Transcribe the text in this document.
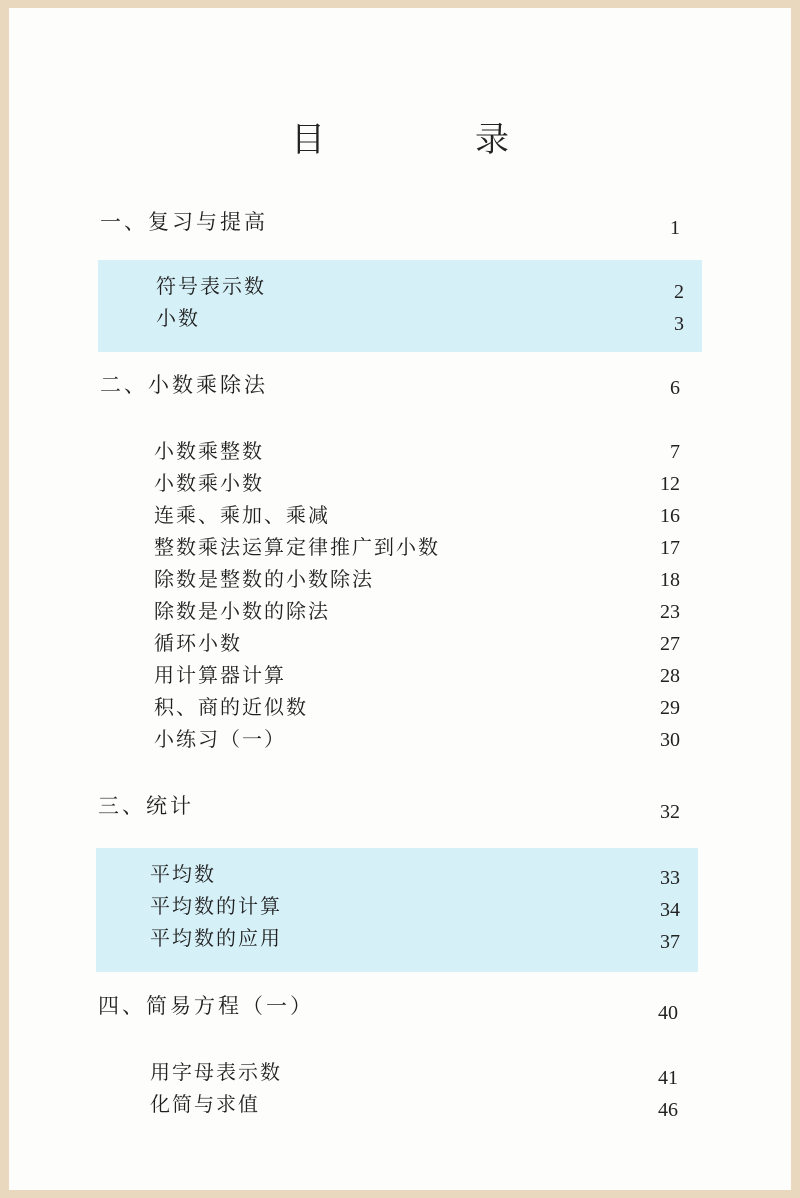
目　录
一、复习与提高	1
符号表示数	2
小数	3
二、小数乘除法	6
小数乘整数	7
小数乘小数	12
连乘、乘加、乘减	16
整数乘法运算定律推广到小数	17
除数是整数的小数除法	18
除数是小数的除法	23
循环小数	27
用计算器计算	28
积、商的近似数	29
小练习（一）	30
三、统计	32
平均数	33
平均数的计算	34
平均数的应用	37
四、简易方程（一）	40
用字母表示数	41
化简与求值	46
